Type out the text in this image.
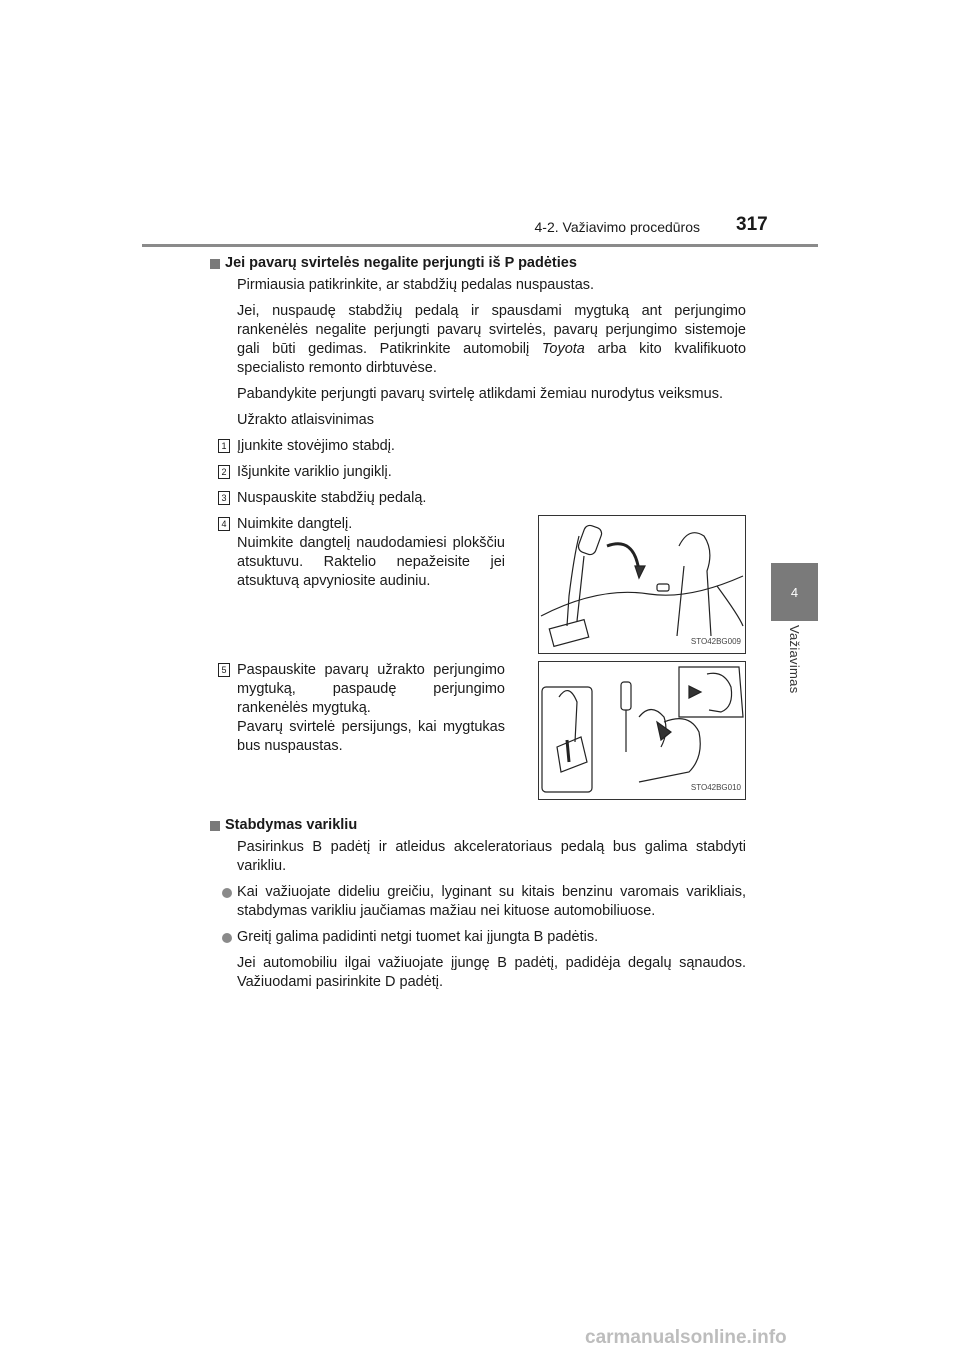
4-2. Važiavimo procedūros 317
4
Važiavimas
Jei pavarų svirtelės negalite perjungti iš P padėties

Pirmiausia patikrinkite, ar stabdžių pedalas nuspaustas.

Jei, nuspaudę stabdžių pedalą ir spausdami mygtuką ant perjungimo rankenėlės negalite perjungti pavarų svirtelės, pavarų perjungimo sistemoje gali būti gedimas. Patikrinkite automobilį Toyota arba kito kvalifikuoto specialisto remonto dirbtuvėse.

Pabandykite perjungti pavarų svirtelę atlikdami žemiau nurodytus veiksmus.

Užrakto atlaisvinimas

1 Įjunkite stovėjimo stabdį.
2 Išjunkite variklio jungiklį.
3 Nuspauskite stabdžių pedalą.
4 Nuimkite dangtelį.
Nuimkite dangtelį naudodamiesi plokščiu atsuktuvu. Raktelio nepažeisite jei atsuktuvą apvyniosite audiniu.
STO42BG009
5 Paspauskite pavarų užrakto perjungimo mygtuką, paspaudę perjungimo rankenėlės mygtuką.
Pavarų svirtelė persijungs, kai mygtukas bus nuspaustas.
STO42BG010
Stabdymas varikliu

Pasirinkus B padėtį ir atleidus akceleratoriaus pedalą bus galima stabdyti varikliu.

Kai važiuojate dideliu greičiu, lyginant su kitais benzinu varomais varikliais, stabdymas varikliu jaučiamas mažiau nei kituose automobiliuose.
Greitį galima padidinti netgi tuomet kai įjungta B padėtis.

Jei automobiliu ilgai važiuojate įjungę B padėtį, padidėja degalų sąnaudos. Važiuodami pasirinkite D padėtį.

carmanualsonline.info
